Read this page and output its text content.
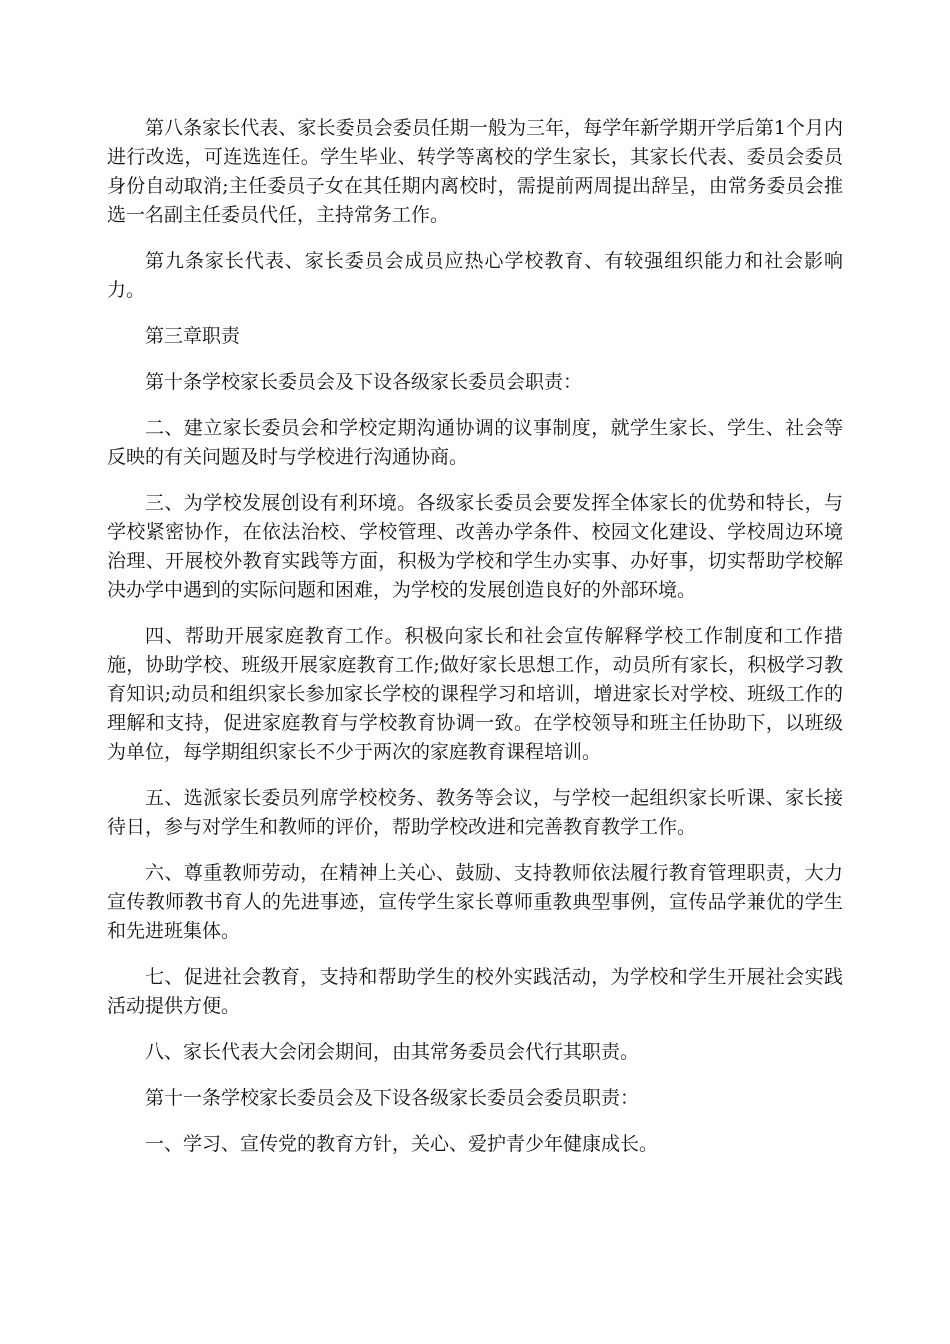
第八条家长代表、家长委员会委员任期一般为三年，每学年新学期开学后第1个月内进行改选，可连选连任。学生毕业、转学等离校的学生家长，其家长代表、委员会委员身份自动取消;主任委员子女在其任期内离校时，需提前两周提出辞呈，由常务委员会推选一名副主任委员代任，主持常务工作。

第九条家长代表、家长委员会成员应热心学校教育、有较强组织能力和社会影响力。

第三章职责

第十条学校家长委员会及下设各级家长委员会职责：

二、建立家长委员会和学校定期沟通协调的议事制度，就学生家长、学生、社会等反映的有关问题及时与学校进行沟通协商。

三、为学校发展创设有利环境。各级家长委员会要发挥全体家长的优势和特长，与学校紧密协作，在依法治校、学校管理、改善办学条件、校园文化建设、学校周边环境治理、开展校外教育实践等方面，积极为学校和学生办实事、办好事，切实帮助学校解决办学中遇到的实际问题和困难，为学校的发展创造良好的外部环境。

四、帮助开展家庭教育工作。积极向家长和社会宣传解释学校工作制度和工作措施，协助学校、班级开展家庭教育工作;做好家长思想工作，动员所有家长，积极学习教育知识;动员和组织家长参加家长学校的课程学习和培训，增进家长对学校、班级工作的理解和支持，促进家庭教育与学校教育协调一致。在学校领导和班主任协助下，以班级为单位，每学期组织家长不少于两次的家庭教育课程培训。

五、选派家长委员列席学校校务、教务等会议，与学校一起组织家长听课、家长接待日，参与对学生和教师的评价，帮助学校改进和完善教育教学工作。

六、尊重教师劳动，在精神上关心、鼓励、支持教师依法履行教育管理职责，大力宣传教师教书育人的先进事迹，宣传学生家长尊师重教典型事例，宣传品学兼优的学生和先进班集体。

七、促进社会教育，支持和帮助学生的校外实践活动，为学校和学生开展社会实践活动提供方便。

八、家长代表大会闭会期间，由其常务委员会代行其职责。

第十一条学校家长委员会及下设各级家长委员会委员职责：

一、学习、宣传党的教育方针，关心、爱护青少年健康成长。
